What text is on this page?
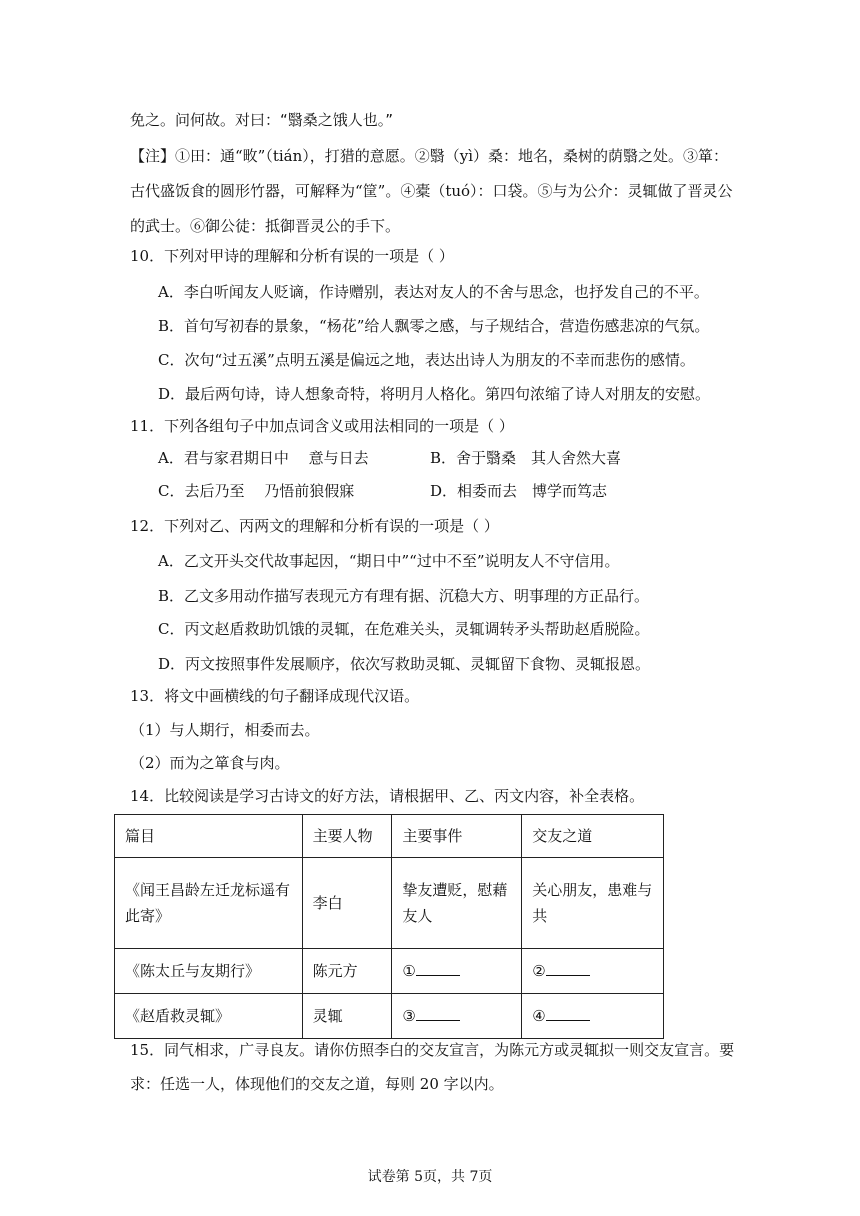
免之。问何故。对曰：“翳桑之饿人也。”
【注】①田：通“畋”（tián），打猎的意愿。②翳（yì）桑：地名，桑树的荫翳之处。③箪：
古代盛饭食的圆形竹器，可解释为“筐”。④橐（tuó）：口袋。⑤与为公介：灵辄做了晋灵公
的武士。⑥御公徒：抵御晋灵公的手下。
10．下列对甲诗的理解和分析有误的一项是（ ）
A．李白听闻友人贬谪，作诗赠别，表达对友人的不舍与思念，也抒发自己的不平。
B．首句写初春的景象，“杨花”给人飘零之感，与子规结合，营造伤感悲凉的气氛。
C．次句“过五溪”点明五溪是偏远之地，表达出诗人为朋友的不幸而悲伤的感情。
D．最后两句诗，诗人想象奇特，将明月人格化。第四句浓缩了诗人对朋友的安慰。
11．下列各组句子中加点词含义或用法相同的一项是（ ）
A．君与家君期日中　 意与日去	B．舍于翳桑　其人舍然大喜
C．去后乃至　 乃悟前狼假寐	D．相委而去　博学而笃志
12．下列对乙、丙两文的理解和分析有误的一项是（ ）
A．乙文开头交代故事起因，“期日中”“过中不至”说明友人不守信用。
B．乙文多用动作描写表现元方有理有据、沉稳大方、明事理的方正品行。
C．丙文赵盾救助饥饿的灵辄，在危难关头，灵辄调转矛头帮助赵盾脱险。
D．丙文按照事件发展顺序，依次写救助灵辄、灵辄留下食物、灵辄报恩。
13．将文中画横线的句子翻译成现代汉语。
（1）与人期行，相委而去。
（2）而为之箪食与肉。
14．比较阅读是学习古诗文的好方法，请根据甲、乙、丙文内容，补全表格。
篇目	主要人物	主要事件	交友之道
《闻王昌龄左迁龙标遥有此寄》	李白	挚友遭贬，慰藉友人	关心朋友，患难与共
《陈太丘与友期行》	陈元方	①	②
《赵盾救灵辄》	灵辄	③	④
15．同气相求，广寻良友。请你仿照李白的交友宣言，为陈元方或灵辄拟一则交友宣言。要
求：任选一人，体现他们的交友之道，每则 20 字以内。
试卷第 5页，共 7页
